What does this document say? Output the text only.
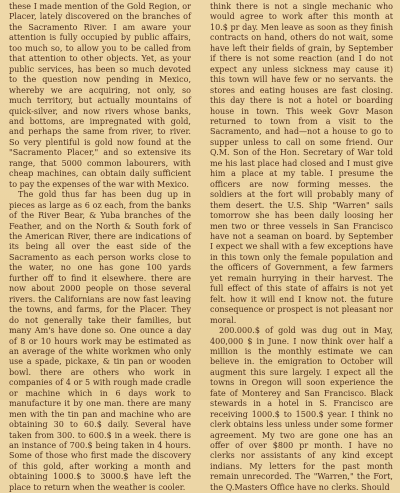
these I made mention of the Gold Region, or Placer, lately discovered on the branches of the Sacramento River. I am aware your attention is fully occupied by public affairs, too much so, to allow you to be called from that attention to other objects. Yet, as your public services, has been so much devoted to the question now pending in Mexico, whereby we are acquiring, not only, so much territory, but actually mountains of quick-silver, and now rivers whose banks, and bottoms, are impregnated with gold, and perhaps the same from river, to river. So very plentiful is gold now found at the "Sacramento Placer," and so extensive its range, that 5000 common labourers, with cheap machines, can obtain daily sufficient to pay the expenses of the war with Mexico.

The gold thus far has been dug up in pieces as large as 6 oz each, from the banks of the River Bear, & Yuba branches of the Feather, and on the North & South fork of the American River, there are indications of its being all over the east side of the Sacramento as each person works close to the water, no one has gone 100 yards further off to find it elsewhere. there are now about 2000 people on those several rivers. the Californians are now fast leaving the towns, and farms, for the Placer. They do not generally take their families, but many Am's have done so. One ounce a day of 8 or 10 hours work may be estimated as an average of the white workmen who only use a spade, pickaxe, & tin pan or wooden bowl. there are others who work in companies of 4 or 5 with rough made cradle or machine which in 6 days work to manufacture it by one man. there are many men with the tin pan and machine who are obtaining 30 to 60.$ daily. Several have taken from 300. to 600.$ in a week. there is an instance of 700.$ being taken in 4 hours. Some of those who first made the discovery of this gold, after working a month and obtaining 1000.$ to 3000.$ have left the place to return when the weather is cooler.

think there is not a single mechanic who would agree to work after this month at 10.$ pr day. Men leave as soon as they finish contracts on hand, others do not wait, some have left their fields of grain, by September if there is not some reaction (and I do not expect any unless sickness may cause it) this town will have few or no servants. the stores and eating houses are fast closing. this day there is not a hotel or boarding house in town. This week Govr Mason returned to town from a visit to the Sacramento, and had—not a house to go to supper unless to call on some friend. Our Q.M. Son of the Hon. Secretary of War told me his last place had closed and I must give him a place at my table. I presume the officers are now forming messes. the soldiers at the fort will probably many of them desert. the U.S. Ship "Warren" sails tomorrow she has been daily loosing her men two or three vessels in San Francisco have not a seaman on board. by September I expect we shall with a few exceptions have in this town only the female population and the officers of Government, a few farmers yet remain hurrying in their harvest. The full effect of this state of affairs is not yet felt. how it will end I know not. the future consequence or prospect is not pleasant nor moral.

200.000.$ of gold was dug out in May, 400,000 $ in June. I now think over half a million is the monthly estimate we can believe in. the emigration to October will augment this sure largely. I expect all the towns in Oregon will soon experience the fate of Monterey and San Francisco. Black stewards in a hotel in S. Francisco are receiving 1000.$ to 1500.$ year. I think no clerk obtains less unless under some former agreement. My two are gone one has an offer of over $800 pr month. I have no clerks nor assistants of any kind except indians. My letters for the past month remain unrecorded. The "Warren," the Fort, the Q.Masters Office have no clerks. Should
